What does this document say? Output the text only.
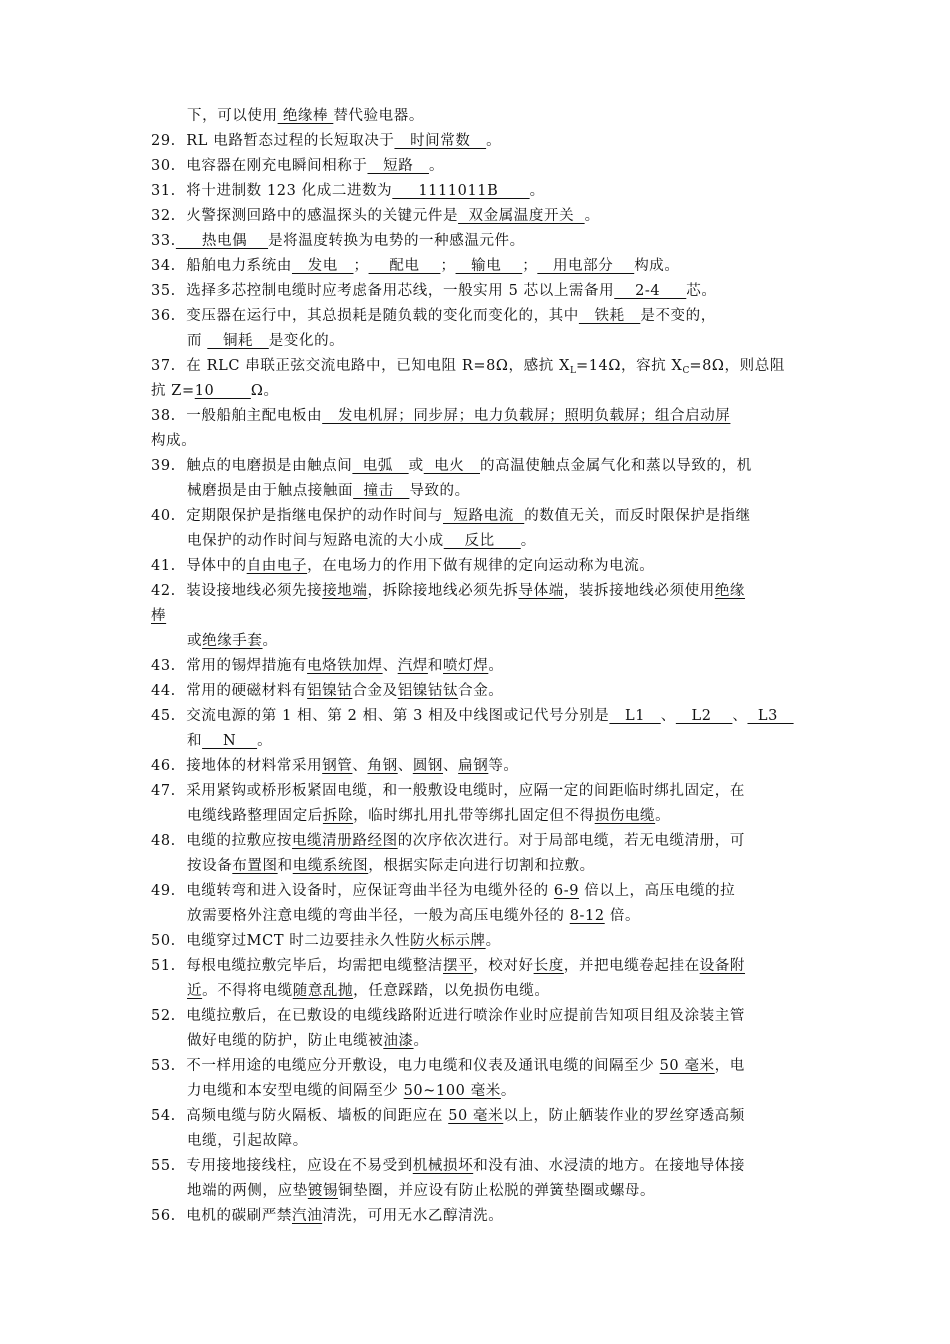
下，可以使用 绝缘棒 替代验电器。
29.  RL 电路暂态过程的长短取决于   时间常数   。
30.  电容器在刚充电瞬间相称于   短路   。
31.  将十进制数 123 化成二进数为     1111011B      。
32.  火警探测回路中的感温探头的关键元件是  双金属温度开关  。
33.     热电偶    是将温度转换为电势的一种感温元件。
34.  船舶电力系统由   发电   ；    配电    ；   输电    ；   用电部分    构成。
35.  选择多芯控制电缆时应考虑备用芯线，一般实用 5 芯以上需备用    2-4     芯。
36.  变压器在运行中，其总损耗是随负载的变化而变化的，其中   铁耗   是不变的，
而    铜耗   是变化的。
37.  在 RLC 串联正弦交流电路中，已知电阻 R=8Ω，感抗 $X_L=14\Omega$，容抗 $X_C=8\Omega$，则总阻
抗 Z=10       Ω。
38.  一般船舶主配电板由   发电机屏；同步屏；电力负载屏；照明负载屏；组合启动屏
构成。
39.  触点的电磨损是由触点间  电弧   或  电火   的高温使触点金属气化和蒸以导致的，机
械磨损是由于触点接触面  撞击   导致的。
40.  定期限保护是指继电保护的动作时间与  短路电流  的数值无关，而反时限保护是指继
电保护的动作时间与短路电流的大小成    反比     。
41.  导体中的自由电子，在电场力的作用下做有规律的定向运动称为电流。
42.  装设接地线必须先接接地端，拆除接地线必须先拆导体端，装拆接地线必须使用绝缘
棒
或绝缘手套。
43.  常用的锡焊措施有电烙铁加焊、汽焊和喷灯焊。
44.  常用的硬磁材料有铝镍钴合金及铝镍钴钛合金。
45.  交流电源的第 1 相、第 2 相、第 3 相及中线图或记代号分别是   L1   、   L2    、  L3
和    N    。
46.  接地体的材料常采用钢管、角钢、圆钢、扁钢等。
47.  采用紧钩或桥形板紧固电缆，和一般敷设电缆时，应隔一定的间距临时绑扎固定，在
电缆线路整理固定后拆除，临时绑扎用扎带等绑扎固定但不得损伤电缆。
48.  电缆的拉敷应按电缆清册路经图的次序依次进行。对于局部电缆，若无电缆清册，可
按设备布置图和电缆系统图，根据实际走向进行切割和拉敷。
49.  电缆转弯和进入设备时，应保证弯曲半径为电缆外径的 6-9 倍以上，高压电缆的拉
放需要格外注意电缆的弯曲半径，一般为高压电缆外径的 8-12 倍。
50.  电缆穿过MCT 时二边要挂永久性防火标示牌。
51.  每根电缆拉敷完毕后，均需把电缆整洁摆平，校对好长度，并把电缆卷起挂在设备附
近。不得将电缆随意乱抛，任意踩踏，以免损伤电缆。
52.  电缆拉敷后，在已敷设的电缆线路附近进行喷涂作业时应提前告知项目组及涂装主管
做好电缆的防护，防止电缆被油漆。
53.  不一样用途的电缆应分开敷设，电力电缆和仪表及通讯电缆的间隔至少 50 毫米，电
力电缆和本安型电缆的间隔至少 50~100 毫米。
54.  高频电缆与防火隔板、墙板的间距应在 50 毫米以上，防止舾装作业的罗丝穿透高频
电缆，引起故障。
55.  专用接地接线柱，应设在不易受到机械损坏和没有油、水浸渍的地方。在接地导体接
地端的两侧，应垫镀锡铜垫圈，并应设有防止松脱的弹簧垫圈或螺母。
56.  电机的碳刷严禁汽油清洗，可用无水乙醇清洗。
